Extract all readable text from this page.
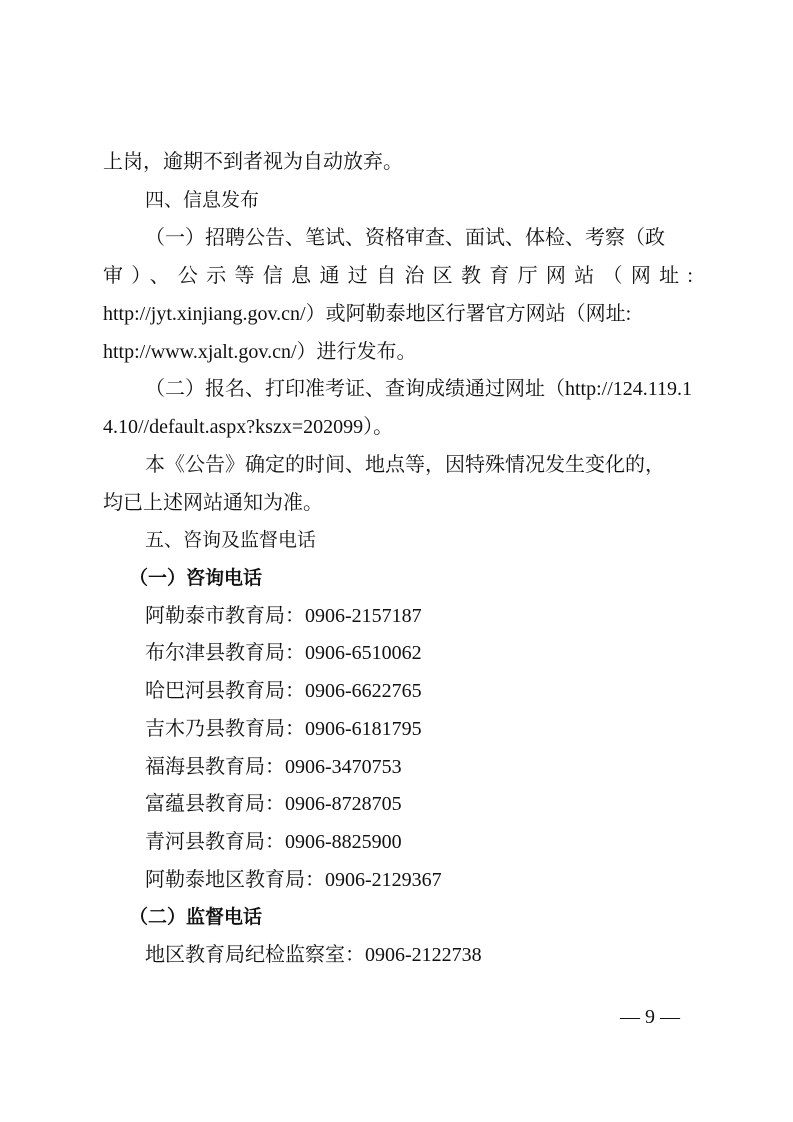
上岗，逾期不到者视为自动放弃。
四、信息发布
（一）招聘公告、笔试、资格审查、面试、体检、考察（政
审）、公示等信息通过自治区教育厅网站（网址:
http://jyt.xinjiang.gov.cn/）或阿勒泰地区行署官方网站（网址:
http://www.xjalt.gov.cn/）进行发布。
（二）报名、打印准考证、查询成绩通过网址（http://124.119.1
4.10//default.aspx?kszx=202099）。
本《公告》确定的时间、地点等，因特殊情况发生变化的，
均已上述网站通知为准。
五、咨询及监督电话
（一）咨询电话
阿勒泰市教育局：0906-2157187
布尔津县教育局：0906-6510062
哈巴河县教育局：0906-6622765
吉木乃县教育局：0906-6181795
福海县教育局：0906-3470753
富蕴县教育局：0906-8728705
青河县教育局：0906-8825900
阿勒泰地区教育局：0906-2129367
（二）监督电话
地区教育局纪检监察室：0906-2122738
— 9 —
